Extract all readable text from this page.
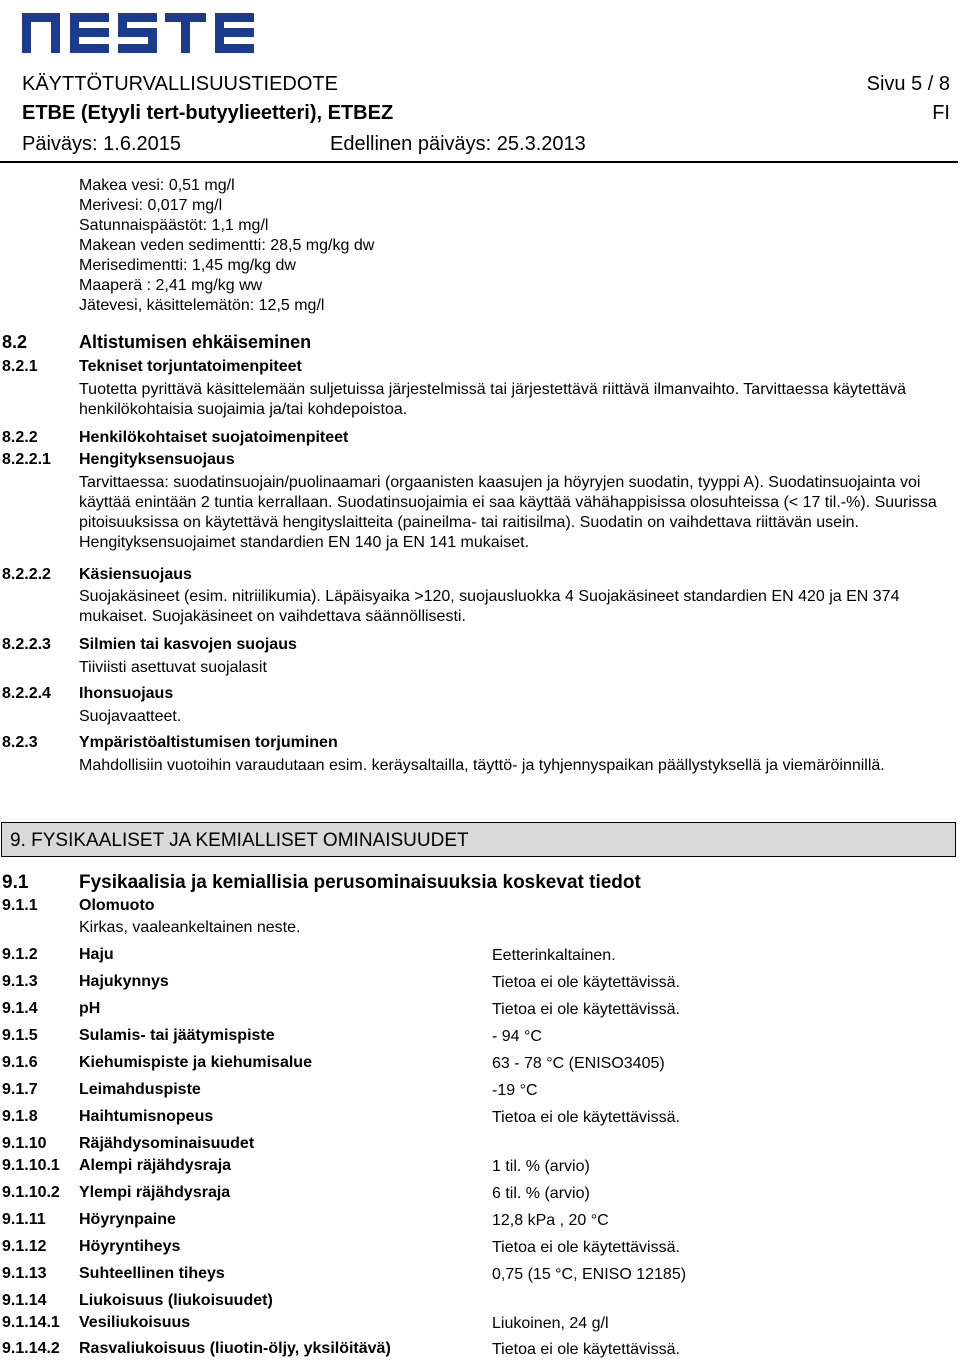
KÄYTTÖTURVALLISUUSTIEDOTE	Sivu 5 / 8
ETBE (Etyyli tert-butyylieetteri), ETBEZ	FI
Päiväys: 1.6.2015	Edellinen päiväys: 25.3.2013
Makea vesi: 0,51 mg/l
Merivesi: 0,017 mg/l
Satunnaispäästöt: 1,1 mg/l
Makean veden sedimentti: 28,5 mg/kg dw
Merisedimentti: 1,45 mg/kg dw
Maaperä : 2,41 mg/kg ww
Jätevesi, käsittelemätön: 12,5 mg/l
8.2	Altistumisen ehkäiseminen
8.2.1	Tekniset torjuntatoimenpiteet
Tuotetta pyrittävä käsittelemään suljetuissa järjestelmissä tai järjestettävä riittävä ilmanvaihto. Tarvittaessa käytettävä henkilökohtaisia suojaimia ja/tai kohdepoistoa.
8.2.2	Henkilökohtaiset suojatoimenpiteet
8.2.2.1 Hengityksensuojaus
Tarvittaessa: suodatinsuojain/puolinaamari (orgaanisten kaasujen ja höyryjen suodatin, tyyppi A). Suodatinsuojainta voi käyttää enintään 2 tuntia kerrallaan. Suodatinsuojaimia ei saa käyttää vähähappisissa olosuhteissa (< 17 til.-%). Suurissa pitoisuuksissa on käytettävä hengityslaitteita (paineilma- tai raitisilma). Suodatin on vaihdettava riittävän usein. Hengityksensuojaimet standardien EN 140 ja EN 141 mukaiset.
8.2.2.2 Käsiensuojaus
Suojakäsineet (esim. nitriilikumia). Läpäisyaika >120, suojausluokka 4 Suojakäsineet standardien EN 420 ja EN 374 mukaiset. Suojakäsineet on vaihdettava säännöllisesti.
8.2.2.3 Silmien tai kasvojen suojaus
Tiiviisti asettuvat suojalasit
8.2.2.4 Ihonsuojaus
Suojavaatteet.
8.2.3	Ympäristöaltistumisen torjuminen
Mahdollisiin vuotoihin varaudutaan esim. keräysaltailla, täyttö- ja tyhjennyspaikan päällystyksellä ja viemäröinnillä.
9. FYSIKAALISET JA KEMIALLISET OMINAISUUDET
9.1	Fysikaalisia ja kemiallisia perusominaisuuksia koskevat tiedot
9.1.1	Olomuoto
Kirkas, vaaleankeltainen neste.
9.1.2	Haju	Eetterinkaltainen.
9.1.3	Hajukynnys	Tietoa ei ole käytettävissä.
9.1.4	pH	Tietoa ei ole käytettävissä.
9.1.5	Sulamis- tai jäätymispiste	- 94 °C
9.1.6	Kiehumispiste ja kiehumisalue	63 - 78 °C (ENISO3405)
9.1.7	Leimahduspiste	-19 °C
9.1.8	Haihtumisnopeus	Tietoa ei ole käytettävissä.
9.1.10 Räjähdysominaisuudet
9.1.10.1 Alempi räjähdysraja	1 til. % (arvio)
9.1.10.2 Ylempi räjähdysraja	6 til. % (arvio)
9.1.11 Höyrynpaine	12,8 kPa , 20 °C
9.1.12 Höyryntiheys	Tietoa ei ole käytettävissä.
9.1.13 Suhteellinen tiheys	0,75 (15 °C, ENISO 12185)
9.1.14 Liukoisuus (liukoisuudet)
9.1.14.1 Vesiliukoisuus	Liukoinen, 24 g/l
9.1.14.2 Rasvaliukoisuus (liuotin-öljy, yksilöitävä)	Tietoa ei ole käytettävissä.
